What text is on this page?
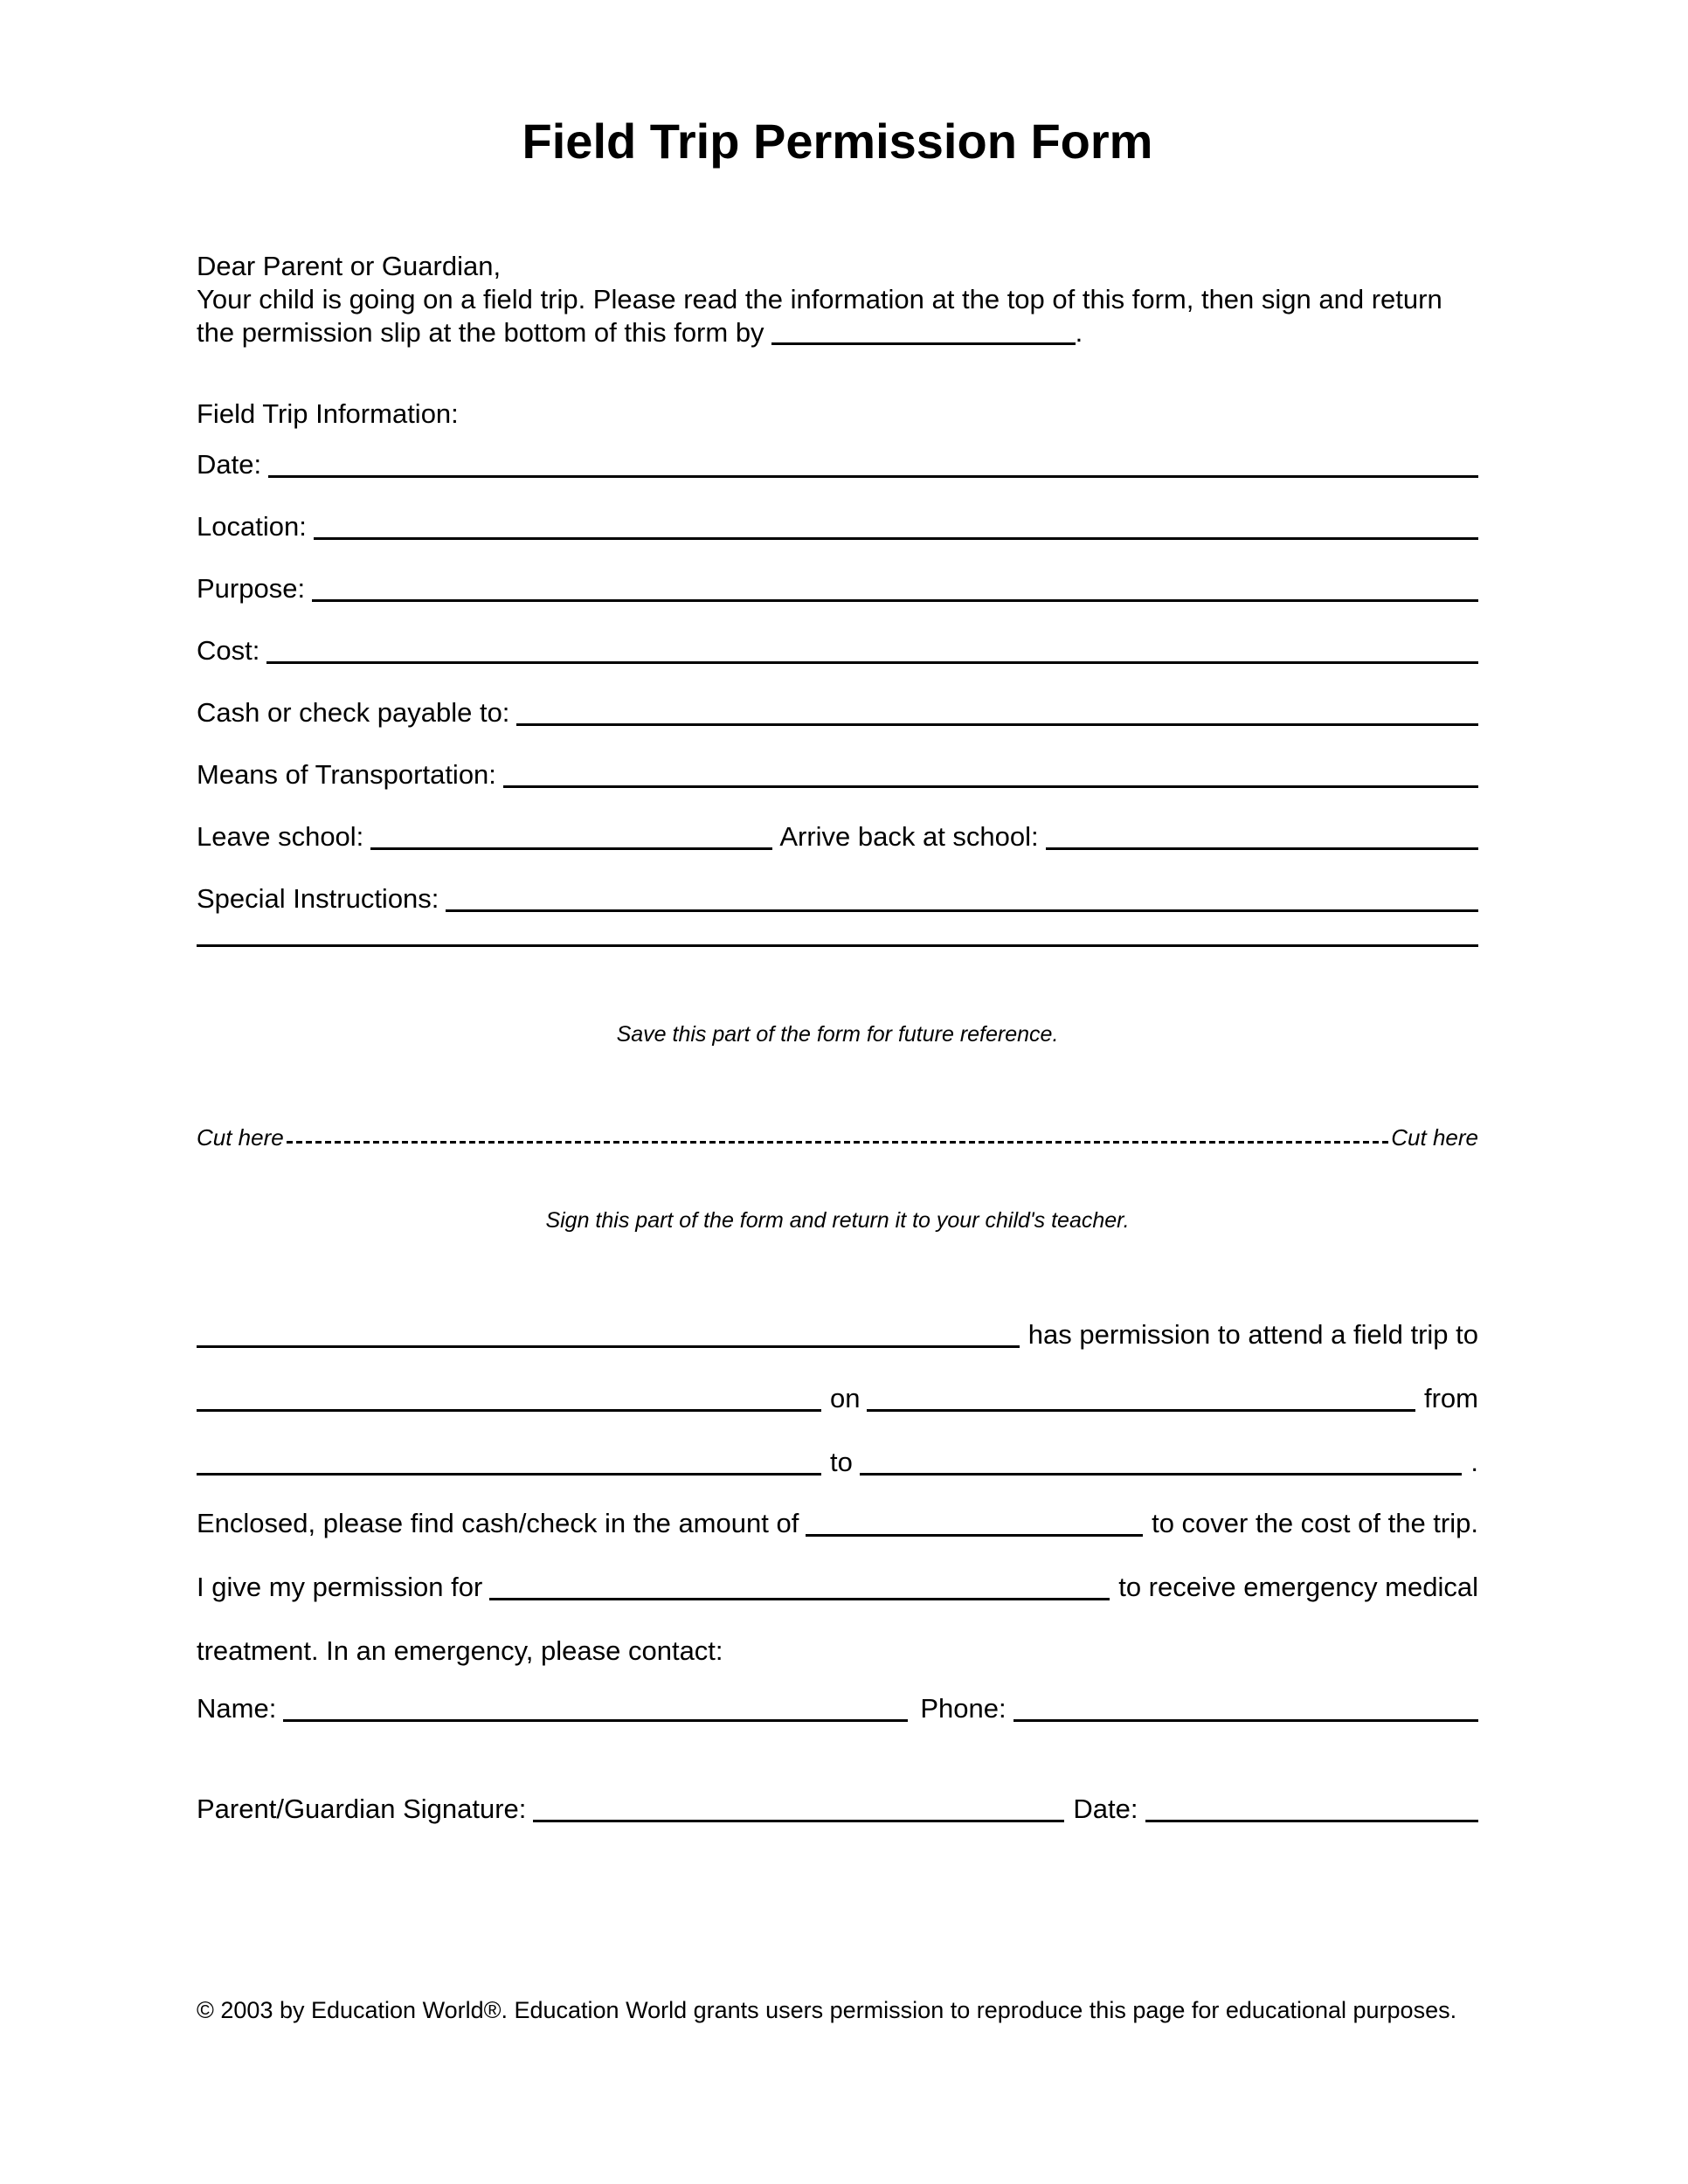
Field Trip Permission Form
Dear Parent or Guardian,
Your child is going on a field trip. Please read the information at the top of this form, then sign and return
the permission slip at the bottom of this form by	.
Field Trip Information:
Date:
Location:
Purpose:
Cost:
Cash or check payable to:
Means of Transportation:
Leave school:	Arrive back at school:
Special Instructions:
Save this part of the form for future reference.
Cut here	Cut here
Sign this part of the form and return it to your child's teacher.
has permission to attend a field trip to
on	from
to	.
Enclosed, please find cash/check in the amount of	to cover the cost of the trip.
I give my permission for	to receive emergency medical
treatment. In an emergency, please contact:
Name:	Phone:
Parent/Guardian Signature:	Date:
© 2003 by Education World®. Education World grants users permission to reproduce this page for educational purposes.
